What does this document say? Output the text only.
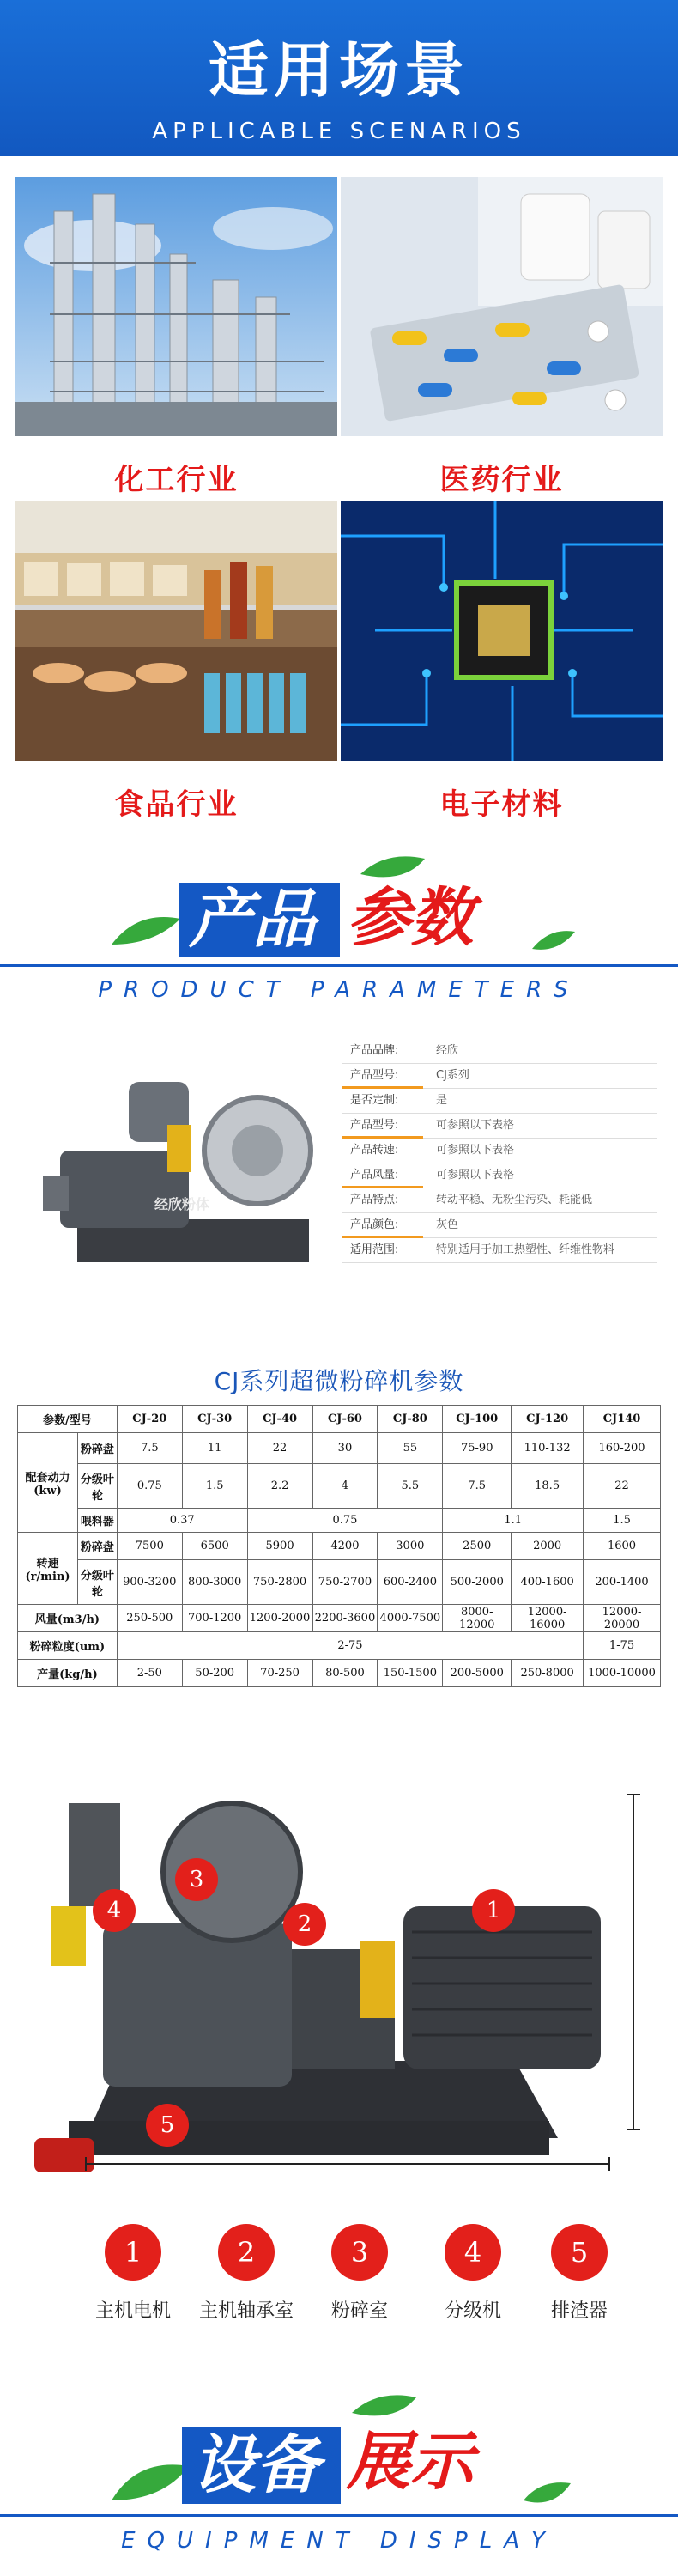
适用场景
APPLICABLE SCENARIOS
化工行业	医药行业
食品行业	电子材料
产品 参数
PRODUCT PARAMETERS
经欣粉体
产品品牌:	经欣
产品型号:	CJ系列
是否定制:	是
产品型号:	可参照以下表格
产品转速:	可参照以下表格
产品风量:	可参照以下表格
产品特点:	转动平稳、无粉尘污染、耗能低
产品颜色:	灰色
适用范围:	特别适用于加工热塑性、纤维性物料
CJ系列超微粉碎机参数
参数/型号		CJ-20	CJ-30	CJ-40	CJ-60	CJ-80	CJ-100	CJ-120	CJ140
配套动力(kw)	粉碎盘	7.5	11	22	30	55	75-90	110-132	160-200
	分级叶轮	0.75	1.5	2.2	4	5.5	7.5	18.5	22
	喂料器	0.37		0.75			1.1		1.5
转速(r/min)	粉碎盘	7500	6500	5900	4200	3000	2500	2000	1600
	分级叶轮	900-3200	800-3000	750-2800	750-2700	600-2400	500-2000	400-1600	200-1400
风量(m3/h)		250-500	700-1200	1200-2000	2200-3600	4000-7500	8000-12000	12000-16000	12000-20000
粉碎粒度(um)		2-75							1-75
产量(kg/h)		2-50	50-200	70-250	80-500	150-1500	200-5000	250-8000	1000-10000
4
3
2
1
5
1
主机电机
2
主机轴承室
3
粉碎室
4
分级机
5
排渣器
设备 展示
EQUIPMENT DISPLAY
